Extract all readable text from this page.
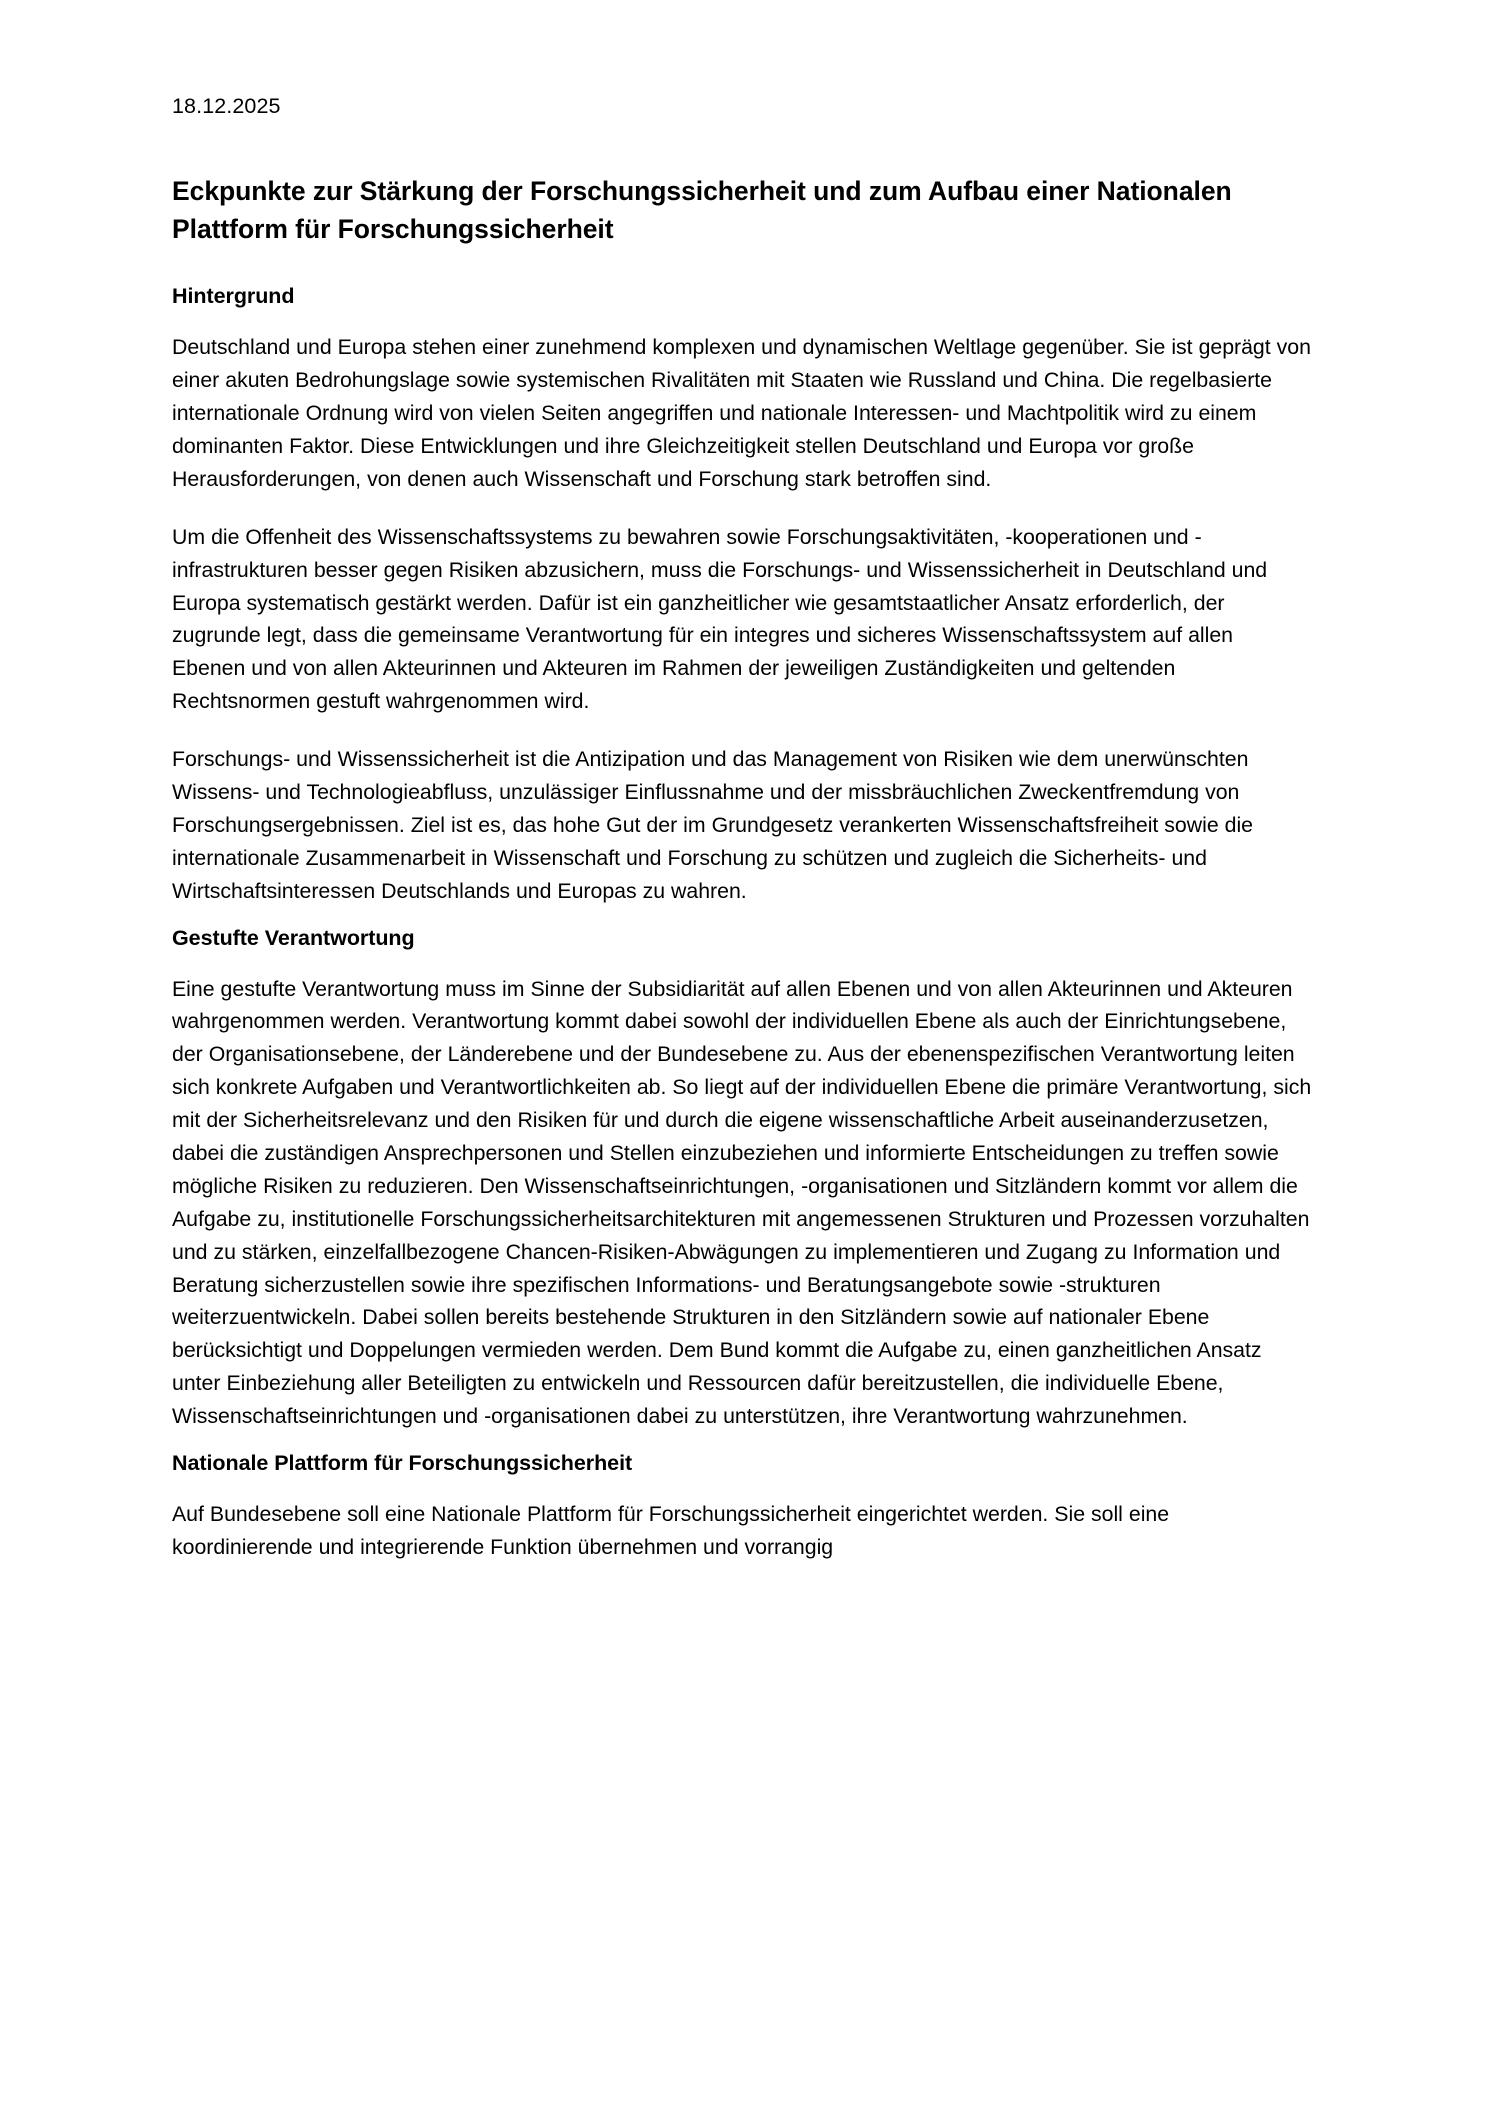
18.12.2025
Eckpunkte zur Stärkung der Forschungssicherheit und zum Aufbau einer Nationalen Plattform für Forschungssicherheit
Hintergrund

Deutschland und Europa stehen einer zunehmend komplexen und dynamischen Weltlage gegenüber. Sie ist geprägt von einer akuten Bedrohungslage sowie systemischen Rivalitäten mit Staaten wie Russland und China. Die regelbasierte internationale Ordnung wird von vielen Seiten angegriffen und nationale Interessen- und Machtpolitik wird zu einem dominanten Faktor. Diese Entwicklungen und ihre Gleichzeitigkeit stellen Deutschland und Europa vor große Herausforderungen, von denen auch Wissenschaft und Forschung stark betroffen sind.

Um die Offenheit des Wissenschaftssystems zu bewahren sowie Forschungsaktivitäten, -kooperationen und -infrastrukturen besser gegen Risiken abzusichern, muss die Forschungs- und Wissenssicherheit in Deutschland und Europa systematisch gestärkt werden. Dafür ist ein ganzheitlicher wie gesamtstaatlicher Ansatz erforderlich, der zugrunde legt, dass die gemeinsame Verantwortung für ein integres und sicheres Wissenschaftssystem auf allen Ebenen und von allen Akteurinnen und Akteuren im Rahmen der jeweiligen Zuständigkeiten und geltenden Rechtsnormen gestuft wahrgenommen wird.

Forschungs- und Wissenssicherheit ist die Antizipation und das Management von Risiken wie dem unerwünschten Wissens- und Technologieabfluss, unzulässiger Einflussnahme und der missbräuchlichen Zweckentfremdung von Forschungsergebnissen. Ziel ist es, das hohe Gut der im Grundgesetz verankerten Wissenschaftsfreiheit sowie die internationale Zusammenarbeit in Wissenschaft und Forschung zu schützen und zugleich die Sicherheits- und Wirtschaftsinteressen Deutschlands und Europas zu wahren.

Gestufte Verantwortung

Eine gestufte Verantwortung muss im Sinne der Subsidiarität auf allen Ebenen und von allen Akteurinnen und Akteuren wahrgenommen werden. Verantwortung kommt dabei sowohl der individuellen Ebene als auch der Einrichtungsebene, der Organisationsebene, der Länderebene und der Bundesebene zu. Aus der ebenenspezifischen Verantwortung leiten sich konkrete Aufgaben und Verantwortlichkeiten ab. So liegt auf der individuellen Ebene die primäre Verantwortung, sich mit der Sicherheitsrelevanz und den Risiken für und durch die eigene wissenschaftliche Arbeit auseinanderzusetzen, dabei die zuständigen Ansprechpersonen und Stellen einzubeziehen und informierte Entscheidungen zu treffen sowie mögliche Risiken zu reduzieren. Den Wissenschaftseinrichtungen, -organisationen und Sitzländern kommt vor allem die Aufgabe zu, institutionelle Forschungssicherheitsarchitekturen mit angemessenen Strukturen und Prozessen vorzuhalten und zu stärken, einzelfallbezogene Chancen-Risiken-Abwägungen zu implementieren und Zugang zu Information und Beratung sicherzustellen sowie ihre spezifischen Informations- und Beratungsangebote sowie -strukturen weiterzuentwickeln. Dabei sollen bereits bestehende Strukturen in den Sitzländern sowie auf nationaler Ebene berücksichtigt und Doppelungen vermieden werden. Dem Bund kommt die Aufgabe zu, einen ganzheitlichen Ansatz unter Einbeziehung aller Beteiligten zu entwickeln und Ressourcen dafür bereitzustellen, die individuelle Ebene, Wissenschaftseinrichtungen und -organisationen dabei zu unterstützen, ihre Verantwortung wahrzunehmen.

Nationale Plattform für Forschungssicherheit

Auf Bundesebene soll eine Nationale Plattform für Forschungssicherheit eingerichtet werden. Sie soll eine koordinierende und integrierende Funktion übernehmen und vorrangig
